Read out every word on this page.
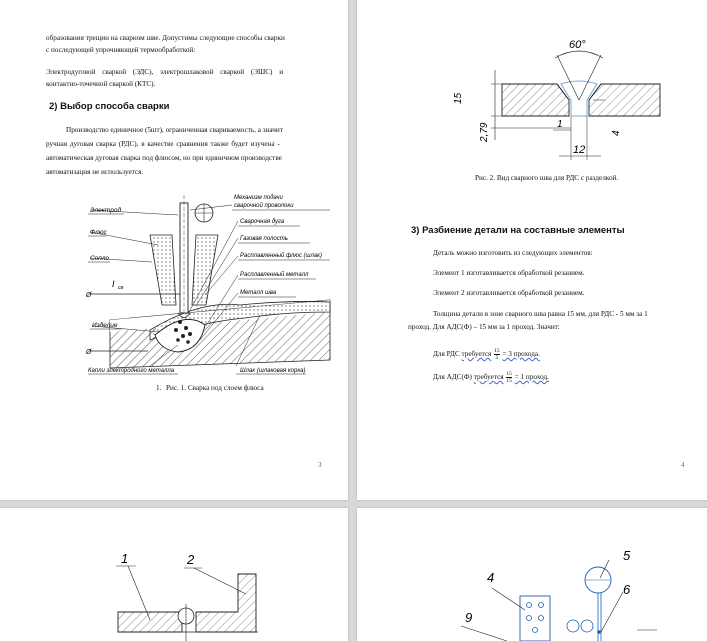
образования трещин на сварном шве. Допустимы следующие способы сварки
с последующей упрочняющей термообработкой:
Электродуговой сваркой (ЭДС), электрошлаковой сваркой (ЭШС) и
контактно-точечной сваркой (КТС).
2) Выбор способа сварки
Производство единичное (5шт), ограниченная свариваемость, а значит
ручная дуговая сварка (РДС), в качестве сравнения также будет изучена -
автоматическая дуговая сварка под флюсом, но при единичном производстве
автоматизация не используется.
Электрод
Флюс
Сопло
I св
Ø
Ø
Изделие
Капли электродного металла
Механизм подачи
сварочной проволоки
Сварочная дуга
Газовая полость
Расплавленный флюс (шлак)
Расплавленный металл
Металл шва
Шлак (шлаковая корка)
1. Рис. 1. Сварка под слоем флюса
3
60°
15
2,79
12
1
4
Рис. 2. Вид сварного шва для РДС с разделкой.
3) Разбиение детали на составные элементы
Деталь можно изготовить из следующих элементов:
Элемент 1 изготавливается обработкой резанием.
Элемент 2 изготавливается обработкой резанием.
Толщина детали в зоне сварного шва равна 15 мм, для РДС - 5 мм за 1
проход. Для АДС(Ф) – 15 мм за 1 проход. Значит:
Для РДС требуется $\frac{15}{5} = 3$ прохода.
Для АДС(Ф) требуется $\frac{15}{15} = 1$ проход.
4
1	2
4
5
6
9
